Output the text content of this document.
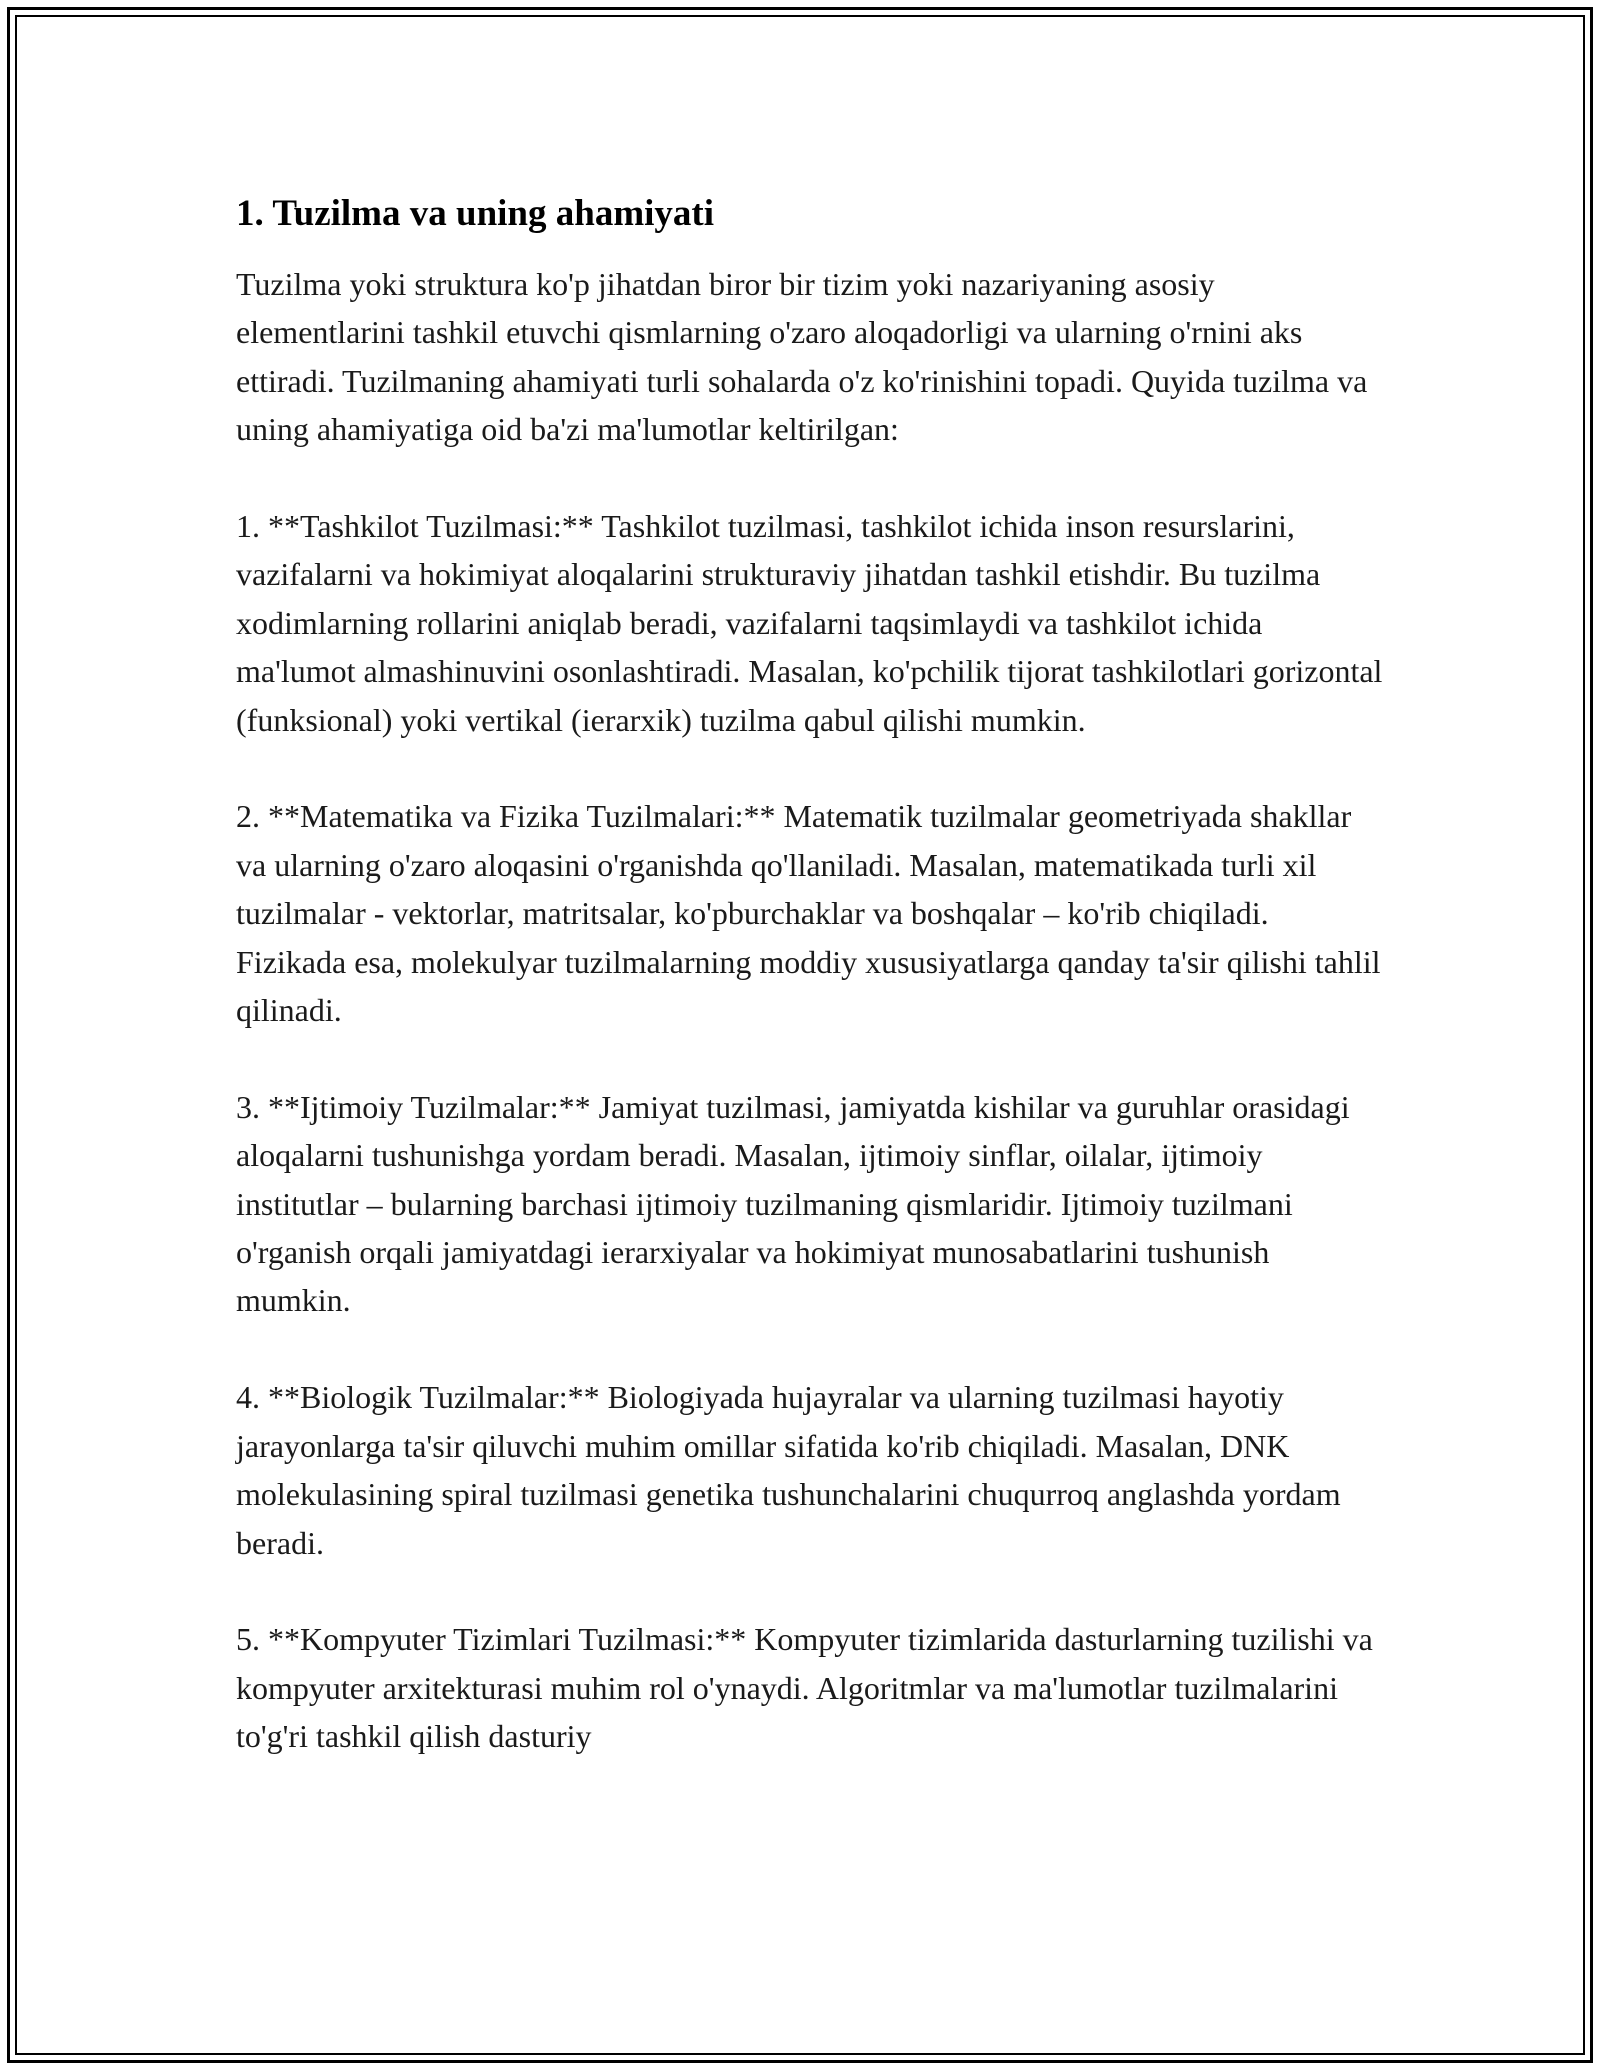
1. Tuzilma va uning ahamiyati

Tuzilma yoki struktura ko'p jihatdan biror bir tizim yoki nazariyaning asosiy elementlarini tashkil etuvchi qismlarning o'zaro aloqadorligi va ularning o'rnini aks ettiradi. Tuzilmaning ahamiyati turli sohalarda o'z ko'rinishini topadi. Quyida tuzilma va uning ahamiyatiga oid ba'zi ma'lumotlar keltirilgan:

1. **Tashkilot Tuzilmasi:** Tashkilot tuzilmasi, tashkilot ichida inson resurslarini, vazifalarni va hokimiyat aloqalarini strukturaviy jihatdan tashkil etishdir. Bu tuzilma xodimlarning rollarini aniqlab beradi, vazifalarni taqsimlaydi va tashkilot ichida ma'lumot almashinuvini osonlashtiradi. Masalan, ko'pchilik tijorat tashkilotlari gorizontal (funksional) yoki vertikal (ierarxik) tuzilma qabul qilishi mumkin.

2. **Matematika va Fizika Tuzilmalari:** Matematik tuzilmalar geometriyada shakllar va ularning o'zaro aloqasini o'rganishda qo'llaniladi. Masalan, matematikada turli xil tuzilmalar - vektorlar, matritsalar, ko'pburchaklar va boshqalar – ko'rib chiqiladi. Fizikada esa, molekulyar tuzilmalarning moddiy xususiyatlarga qanday ta'sir qilishi tahlil qilinadi.

3. **Ijtimoiy Tuzilmalar:** Jamiyat tuzilmasi, jamiyatda kishilar va guruhlar orasidagi aloqalarni tushunishga yordam beradi. Masalan, ijtimoiy sinflar, oilalar, ijtimoiy institutlar – bularning barchasi ijtimoiy tuzilmaning qismlaridir. Ijtimoiy tuzilmani o'rganish orqali jamiyatdagi ierarxiyalar va hokimiyat munosabatlarini tushunish mumkin.

4. **Biologik Tuzilmalar:** Biologiyada hujayralar va ularning tuzilmasi hayotiy jarayonlarga ta'sir qiluvchi muhim omillar sifatida ko'rib chiqiladi. Masalan, DNK molekulasining spiral tuzilmasi genetika tushunchalarini chuqurroq anglashda yordam beradi.

5. **Kompyuter Tizimlari Tuzilmasi:** Kompyuter tizimlarida dasturlarning tuzilishi va kompyuter arxitekturasi muhim rol o'ynaydi. Algoritmlar va ma'lumotlar tuzilmalarini to'g'ri tashkil qilish dasturiy
